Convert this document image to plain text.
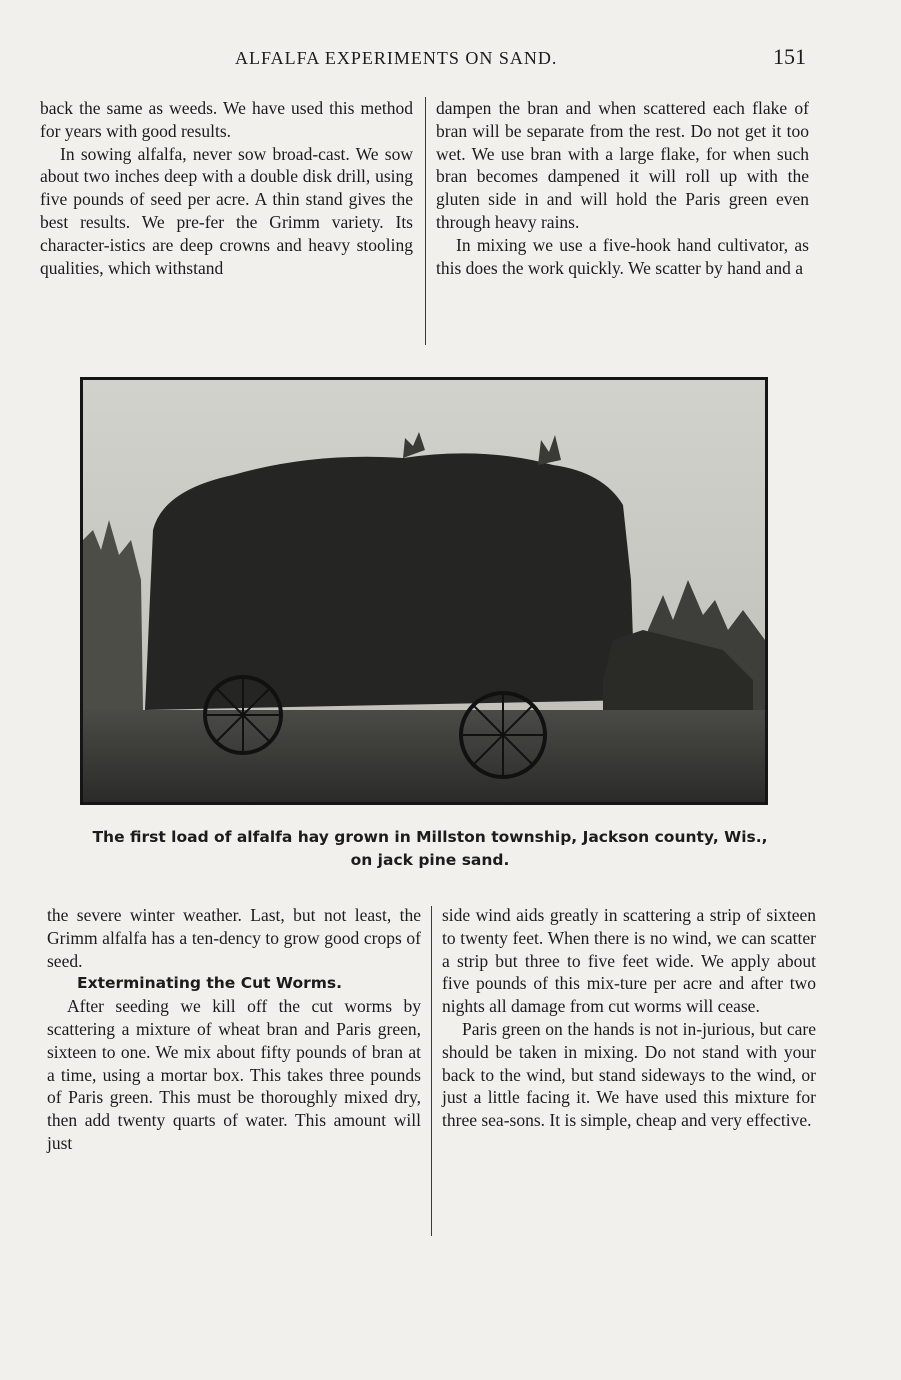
ALFALFA EXPERIMENTS ON SAND.	151

back the same as weeds. We have used this method for years with good results.

In sowing alfalfa, never sow broad-cast. We sow about two inches deep with a double disk drill, using five pounds of seed per acre. A thin stand gives the best results. We pre-fer the Grimm variety. Its character-istics are deep crowns and heavy stooling qualities, which withstand

dampen the bran and when scattered each flake of bran will be separate from the rest. Do not get it too wet. We use bran with a large flake, for when such bran becomes dampened it will roll up with the gluten side in and will hold the Paris green even through heavy rains.

In mixing we use a five-hook hand cultivator, as this does the work quickly. We scatter by hand and a

The first load of alfalfa hay grown in Millston township, Jackson county, Wis., on jack pine sand.

the severe winter weather. Last, but not least, the Grimm alfalfa has a ten-dency to grow good crops of seed.

Exterminating the Cut Worms.

After seeding we kill off the cut worms by scattering a mixture of wheat bran and Paris green, sixteen to one. We mix about fifty pounds of bran at a time, using a mortar box. This takes three pounds of Paris green. This must be thoroughly mixed dry, then add twenty quarts of water. This amount will just

side wind aids greatly in scattering a strip of sixteen to twenty feet. When there is no wind, we can scatter a strip but three to five feet wide. We apply about five pounds of this mix-ture per acre and after two nights all damage from cut worms will cease.

Paris green on the hands is not in-jurious, but care should be taken in mixing. Do not stand with your back to the wind, but stand sideways to the wind, or just a little facing it. We have used this mixture for three sea-sons. It is simple, cheap and very effective.
